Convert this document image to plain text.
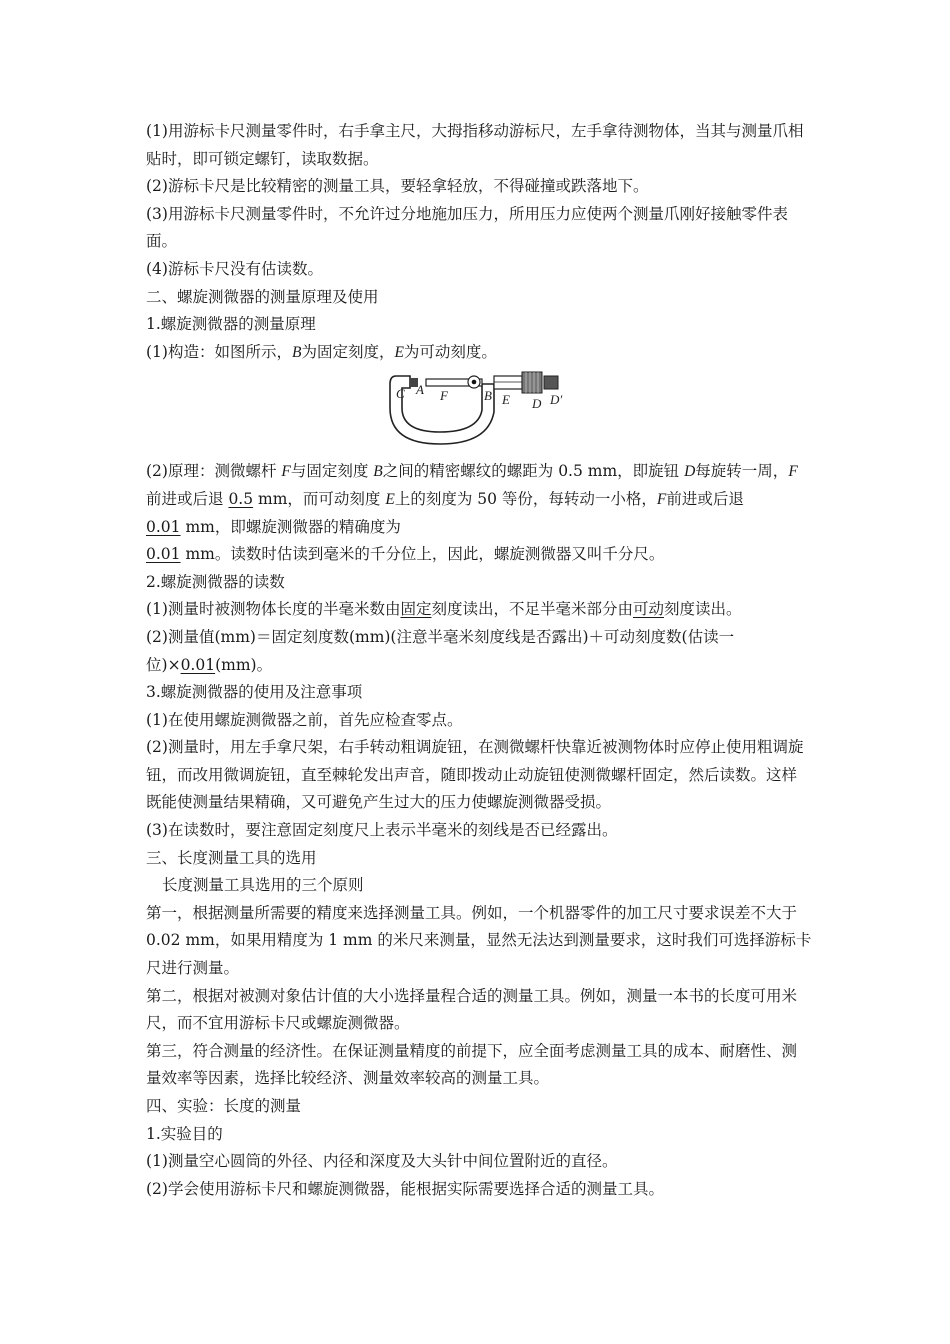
(1)用游标卡尺测量零件时，右手拿主尺，大拇指移动游标尺，左手拿待测物体，当其与测量爪相贴时，即可锁定螺钉，读取数据。

(2)游标卡尺是比较精密的测量工具，要轻拿轻放，不得碰撞或跌落地下。

(3)用游标卡尺测量零件时，不允许过分地施加压力，所用压力应使两个测量爪刚好接触零件表面。

(4)游标卡尺没有估读数。

二、螺旋测微器的测量原理及使用

1.螺旋测微器的测量原理

(1)构造：如图所示，B为固定刻度，E为可动刻度。

C A F	B E D D′

(2)原理：测微螺杆 F与固定刻度 B之间的精密螺纹的螺距为 0.5 mm，即旋钮 D每旋转一周，F前进或后退 0.5 mm，而可动刻度 E上的刻度为 50 等份，每转动一小格，F前进或后退
0.01 mm，即螺旋测微器的精确度为

0.01 mm。读数时估读到毫米的千分位上，因此，螺旋测微器又叫千分尺。

2.螺旋测微器的读数

(1)测量时被测物体长度的半毫米数由固定刻度读出，不足半毫米部分由可动刻度读出。

(2)测量值(mm)＝固定刻度数(mm)(注意半毫米刻度线是否露出)＋可动刻度数(估读一位)×0.01(mm)。

3.螺旋测微器的使用及注意事项

(1)在使用螺旋测微器之前，首先应检查零点。

(2)测量时，用左手拿尺架，右手转动粗调旋钮，在测微螺杆快靠近被测物体时应停止使用粗调旋钮，而改用微调旋钮，直至棘轮发出声音，随即拨动止动旋钮使测微螺杆固定，然后读数。这样既能使测量结果精确，又可避免产生过大的压力使螺旋测微器受损。

(3)在读数时，要注意固定刻度尺上表示半毫米的刻线是否已经露出。

三、长度测量工具的选用

长度测量工具选用的三个原则

第一，根据测量所需要的精度来选择测量工具。例如，一个机器零件的加工尺寸要求误差不大于 0.02 mm，如果用精度为 1 mm 的米尺来测量，显然无法达到测量要求，这时我们可选择游标卡尺进行测量。

第二，根据对被测对象估计值的大小选择量程合适的测量工具。例如，测量一本书的长度可用米尺，而不宜用游标卡尺或螺旋测微器。

第三，符合测量的经济性。在保证测量精度的前提下，应全面考虑测量工具的成本、耐磨性、测量效率等因素，选择比较经济、测量效率较高的测量工具。

四、实验：长度的测量

1.实验目的

(1)测量空心圆筒的外径、内径和深度及大头针中间位置附近的直径。

(2)学会使用游标卡尺和螺旋测微器，能根据实际需要选择合适的测量工具。
